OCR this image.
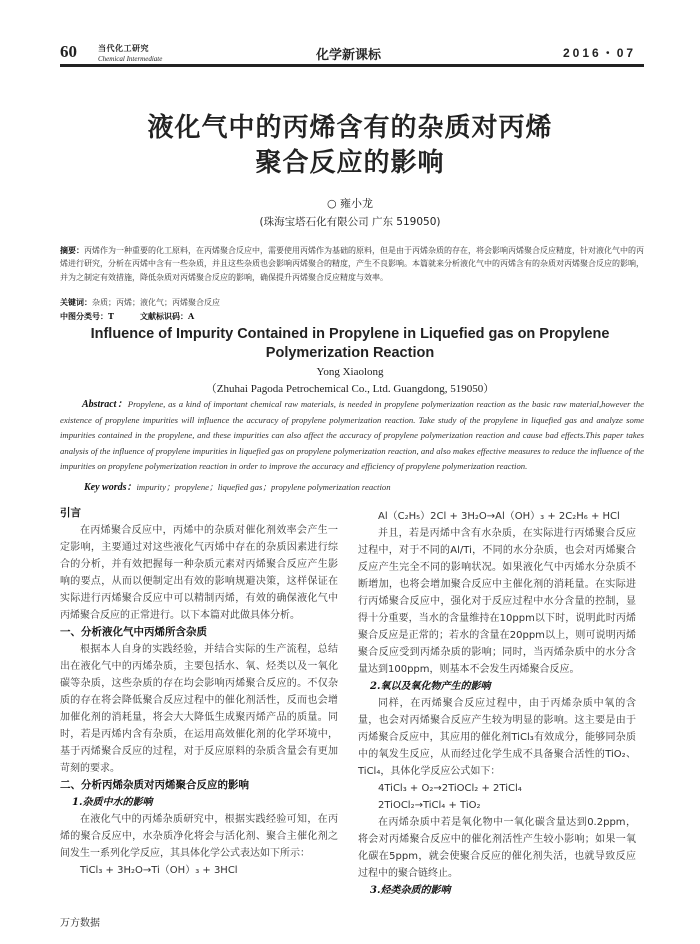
60	当代化工研究
Chemical Intermediate	化学新课标	2016・07
液化气中的丙烯含有的杂质对丙烯
聚合反应的影响
○ 雍小龙
(珠海宝塔石化有限公司 广东 519050)
摘要：丙烯作为一种重要的化工原料，在丙烯聚合反应中，需要使用丙烯作为基础的原料，但是由于丙烯杂质的存在，将会影响丙烯聚合反应精度，针对液化气中的丙烯进行研究，分析在丙烯中含有一些杂质，并且这些杂质也会影响丙烯聚合的精度，产生不良影响。本篇就来分析液化气中的丙烯含有的杂质对丙烯聚合反应的影响，并为之制定有效措施，降低杂质对丙烯聚合反应的影响，确保提升丙烯聚合反应精度与效率。
关键词：杂质；丙烯；液化气；丙烯聚合反应
中图分类号：T	文献标识码：A
Influence of Impurity Contained in Propylene in Liquefied gas on Propylene
Polymerization Reaction
Yong Xiaolong
（Zhuhai Pagoda Petrochemical Co., Ltd. Guangdong, 519050）
Abstract：Propylene, as a kind of important chemical raw materials, is needed in propylene polymerization reaction as the basic raw material,however the existence of propylene impurities will influence the accuracy of propylene polymerization reaction. Take study of the propylene in liquefied gas and analyze some impurities contained in the propylene, and these impurities can also affect the accuracy of propylene polymerization reaction and cause bad effects.This paper takes analysis of the influence of propylene impurities in liquefied gas on propylene polymerization reaction, and also makes effective measures to reduce the influence of the impurities on propylene polymerization reaction in order to improve the accuracy and efficiency of propylene polymerization reaction.
Key words：impurity；propylene；liquefied gas；propylene polymerization reaction

引言

在丙烯聚合反应中，丙烯中的杂质对催化剂效率会产生一定影响，主要通过对这些液化气丙烯中存在的杂质因素进行综合的分析，并有效把握每一种杂质元素对丙烯聚合反应产生影响的要点，从而以便制定出有效的影响规避决策，这样保证在实际进行丙烯聚合反应中可以精制丙烯，有效的确保液化气中丙烯聚合反应的正常进行。以下本篇对此做具体分析。

一、分析液化气中丙烯所含杂质

根据本人自身的实践经验，并结合实际的生产流程，总结出在液化气中的丙烯杂质，主要包括水、氧、烃类以及一氧化碳等杂质，这些杂质的存在均会影响丙烯聚合反应的。不仅杂质的存在将会降低聚合反应过程中的催化剂活性，反而也会增加催化剂的消耗量，将会大大降低生成聚丙烯产品的质量。同时，若是丙烯内含有杂质，在运用高效催化剂的化学环境中，基于丙烯聚合反应的过程，对于反应原料的杂质含量会有更加苛刻的要求。

二、分析丙烯杂质对丙烯聚合反应的影响

1.杂质中水的影响

在液化气中的丙烯杂质研究中，根据实践经验可知，在丙烯的聚合反应中，水杂质净化将会与活化剂、聚合主催化剂之间发生一系列化学反应，其具体化学公式表达如下所示：

TiCl₃ + 3H₂O→Ti（OH）₃ + 3HCl

Al（C₂H₅）2Cl + 3H₂O→Al（OH）₃ + 2C₂H₆ + HCl

并且，若是丙烯中含有水杂质，在实际进行丙烯聚合反应过程中，对于不同的Al/Ti，不同的水分杂质，也会对丙烯聚合反应产生完全不同的影响状况。如果液化气中丙烯水分杂质不断增加，也将会增加聚合反应中主催化剂的消耗量。在实际进行丙烯聚合反应中，强化对于反应过程中水分含量的控制，显得十分重要，当水的含量维持在10ppm以下时，说明此时丙烯聚合反应是正常的；若水的含量在20ppm以上，则可说明丙烯聚合反应受到丙烯杂质的影响；同时，当丙烯杂质中的水分含量达到100ppm，则基本不会发生丙烯聚合反应。

2.氧以及氧化物产生的影响

同样，在丙烯聚合反应过程中，由于丙烯杂质中氧的含量，也会对丙烯聚合反应产生较为明显的影响。这主要是由于丙烯聚合反应中，其应用的催化剂TiCl₃有效成分，能够同杂质中的氧发生反应，从而经过化学生成不具备聚合活性的TiO₂、TiCl₄，具体化学反应公式如下：

4TiCl₃ + O₂→2TiOCl₂ + 2TiCl₄

2TiOCl₂→TiCl₄ + TiO₂

在丙烯杂质中若是氧化物中一氧化碳含量达到0.2ppm，将会对丙烯聚合反应中的催化剂活性产生较小影响；如果一氧化碳在5ppm，就会使聚合反应的催化剂失活，也就导致反应过程中的聚合链终止。

3.烃类杂质的影响

万方数据
